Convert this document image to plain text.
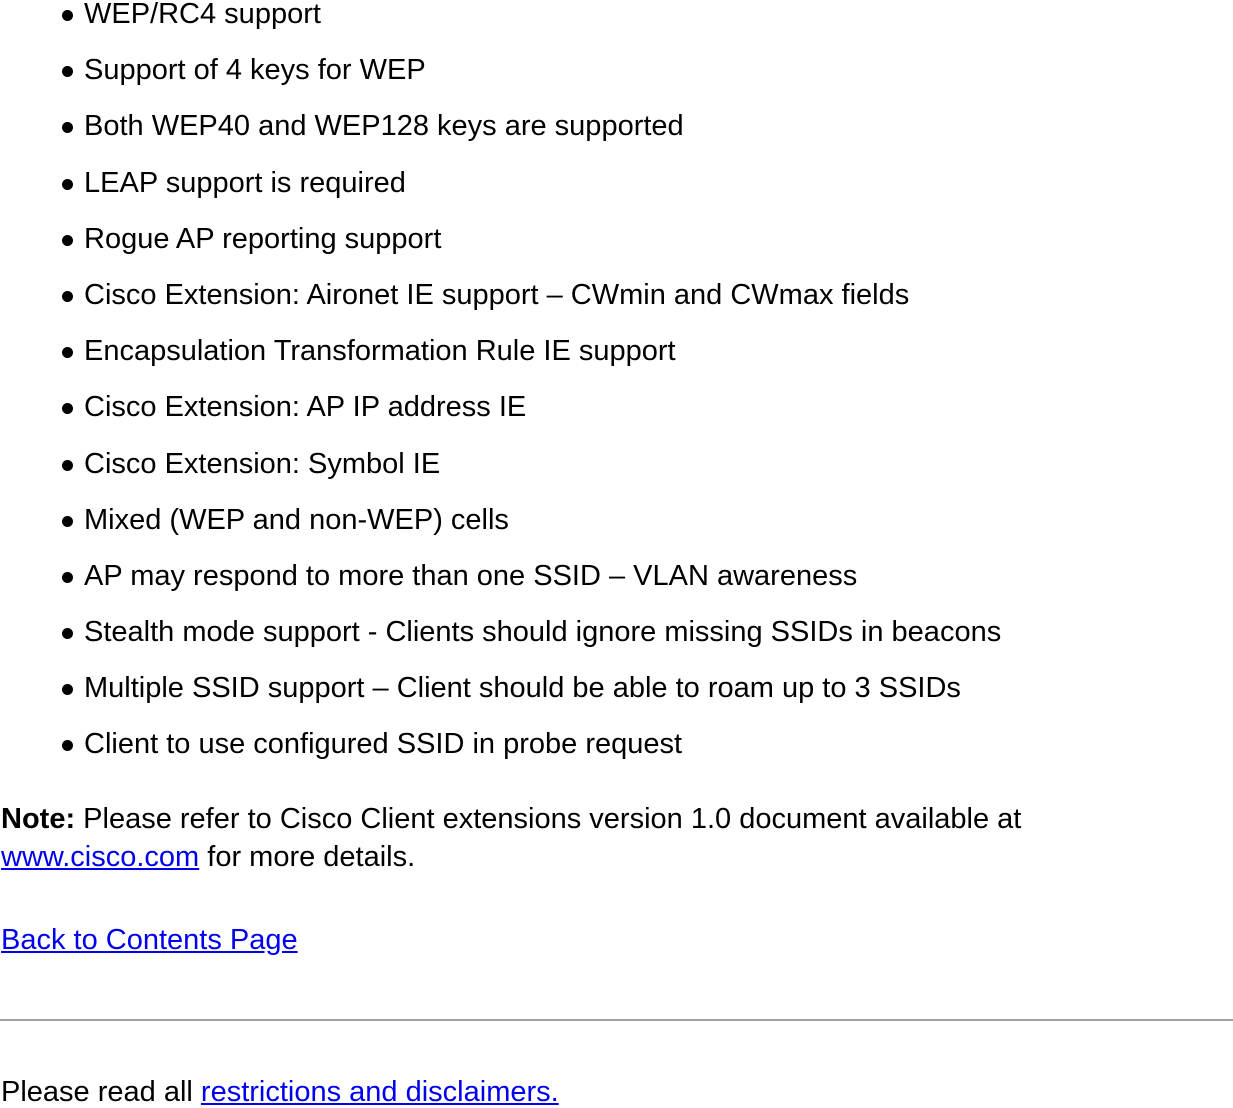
WEP/RC4 support
Support of 4 keys for WEP
Both WEP40 and WEP128 keys are supported
LEAP support is required
Rogue AP reporting support
Cisco Extension: Aironet IE support – CWmin and CWmax fields
Encapsulation Transformation Rule IE support
Cisco Extension: AP IP address IE
Cisco Extension: Symbol IE
Mixed (WEP and non-WEP) cells
AP may respond to more than one SSID – VLAN awareness
Stealth mode support - Clients should ignore missing SSIDs in beacons
Multiple SSID support – Client should be able to roam up to 3 SSIDs
Client to use configured SSID in probe request

Note: Please refer to Cisco Client extensions version 1.0 document available at www.cisco.com for more details.

Back to Contents Page

Please read all restrictions and disclaimers.
